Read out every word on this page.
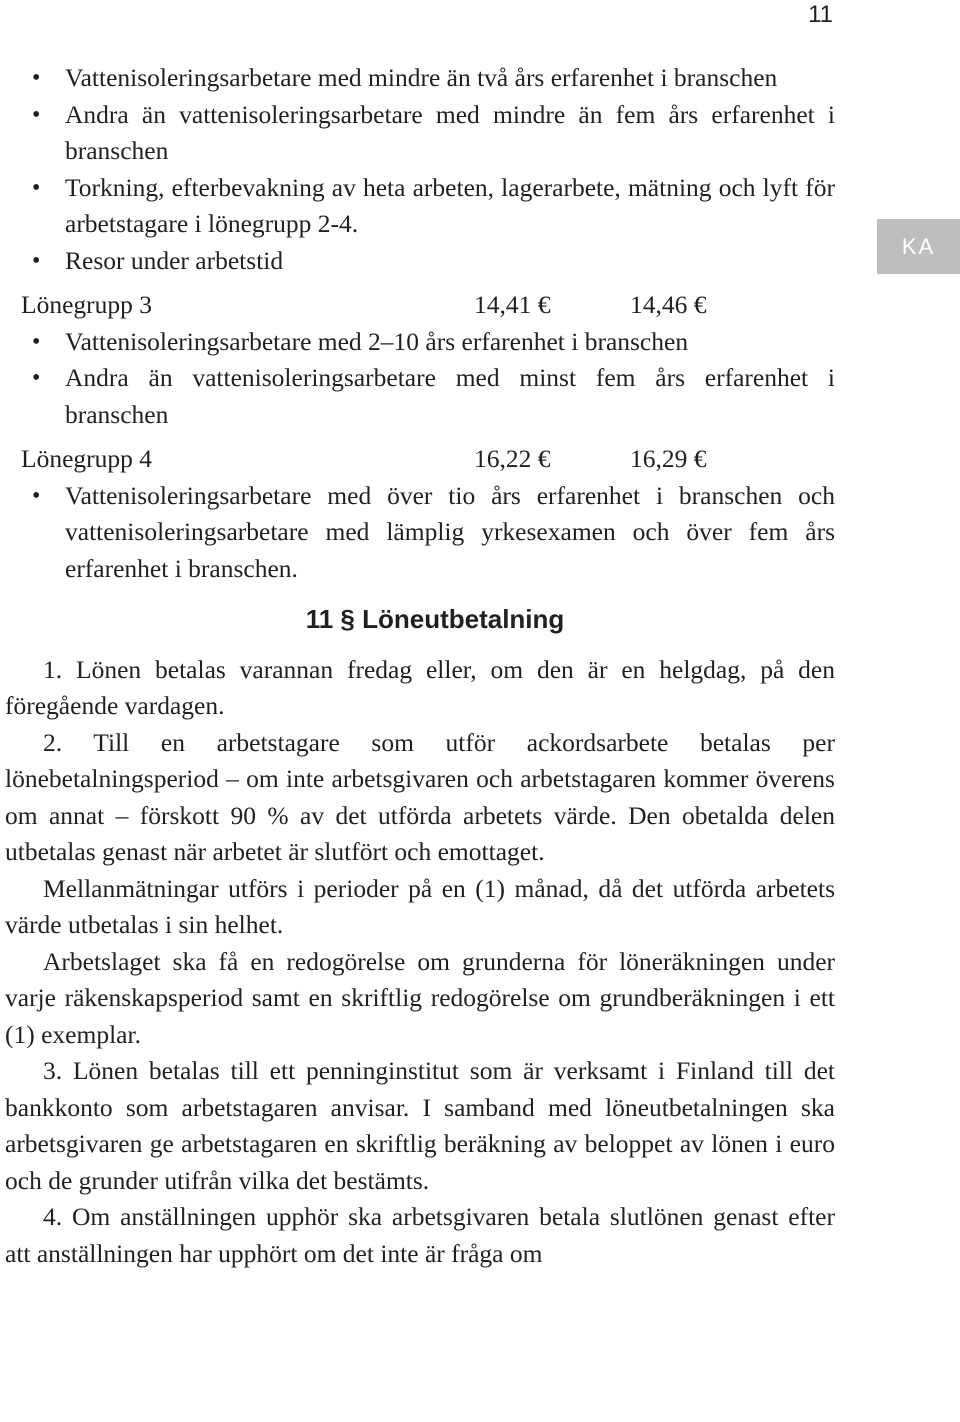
11
KA
• Vattenisoleringsarbetare med mindre än två års erfarenhet i branschen
• Andra än vattenisoleringsarbetare med mindre än fem års erfarenhet i branschen
• Torkning, efterbevakning av heta arbeten, lagerarbete, mätning och lyft för arbetstagare i lönegrupp 2-4.
• Resor under arbetstid
Lönegrupp 3	14,41 €	14,46 €
• Vattenisoleringsarbetare med 2–10 års erfarenhet i branschen
• Andra än vattenisoleringsarbetare med minst fem års erfarenhet i branschen
Lönegrupp 4	16,22 €	16,29 €
• Vattenisoleringsarbetare med över tio års erfarenhet i branschen och vattenisoleringsarbetare med lämplig yrkesexamen och över fem års erfarenhet i branschen.
11 § Löneutbetalning
1. Lönen betalas varannan fredag eller, om den är en helgdag, på den föregående vardagen.
2. Till en arbetstagare som utför ackordsarbete betalas per lönebetalningsperiod – om inte arbetsgivaren och arbetstagaren kommer överens om annat – förskott 90 % av det utförda arbetets värde. Den obetalda delen utbetalas genast när arbetet är slutfört och emottaget.
Mellanmätningar utförs i perioder på en (1) månad, då det utförda arbetets värde utbetalas i sin helhet.
Arbetslaget ska få en redogörelse om grunderna för löneräkningen under varje räkenskapsperiod samt en skriftlig redogörelse om grundberäkningen i ett (1) exemplar.
3. Lönen betalas till ett penninginstitut som är verksamt i Finland till det bankkonto som arbetstagaren anvisar. I samband med löneutbetalningen ska arbetsgivaren ge arbetstagaren en skriftlig beräkning av beloppet av lönen i euro och de grunder utifrån vilka det bestämts.
4. Om anställningen upphör ska arbetsgivaren betala slutlönen genast efter att anställningen har upphört om det inte är fråga om
